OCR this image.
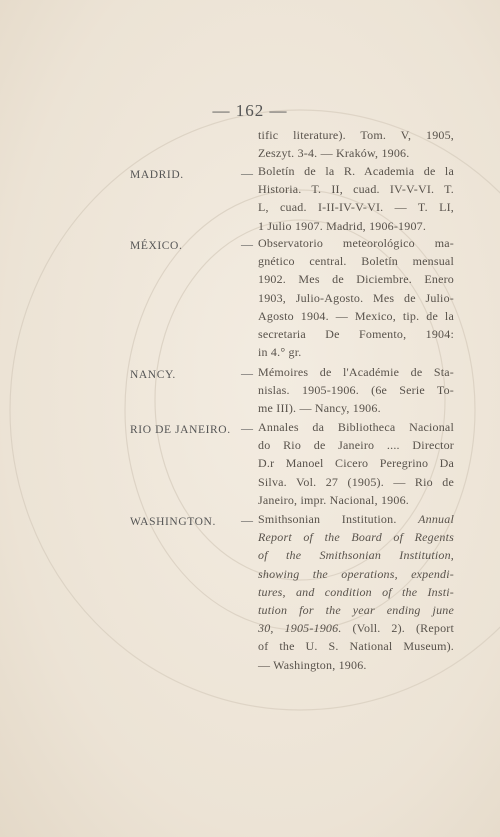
— 162 —
tific literature). Tom. V, 1905,
Zeszyt. 3-4. — Kraków, 1906.
MADRID.	— Boletín de la R. Academia de la
Historia. T. II, cuad. IV-V-VI. T.
L, cuad. I-II-IV-V-VI. — T. LI,
1 Julio 1907. Madrid, 1906-1907.
MÉXICO.	— Observatorio meteorológico ma-
gnético central. Boletín mensual
1902. Mes de Diciembre. Enero
1903, Julio-Agosto. Mes de Julio-
Agosto 1904. — Mexico, tip. de la
secretaria De Fomento, 1904:
in 4.° gr.
NANCY.	— Mémoires de l'Académie de Sta-
nislas. 1905-1906. (6e Serie To-
me III). — Nancy, 1906.
RIO DE JANEIRO. — Annales da Bibliotheca Nacional
do Rio de Janeiro .... Director
D.r Manoel Cicero Peregrino Da
Silva. Vol. 27 (1905). — Rio de
Janeiro, impr. Nacional, 1906.
WASHINGTON. — Smithsonian Institution. Annual
Report of the Board of Regents
of the Smithsonian Institution,
showing the operations, expendi-
tures, and condition of the Insti-
tution for the year ending june
30, 1905-1906. (Voll. 2). (Report
of the U. S. National Museum).
— Washington, 1906.
